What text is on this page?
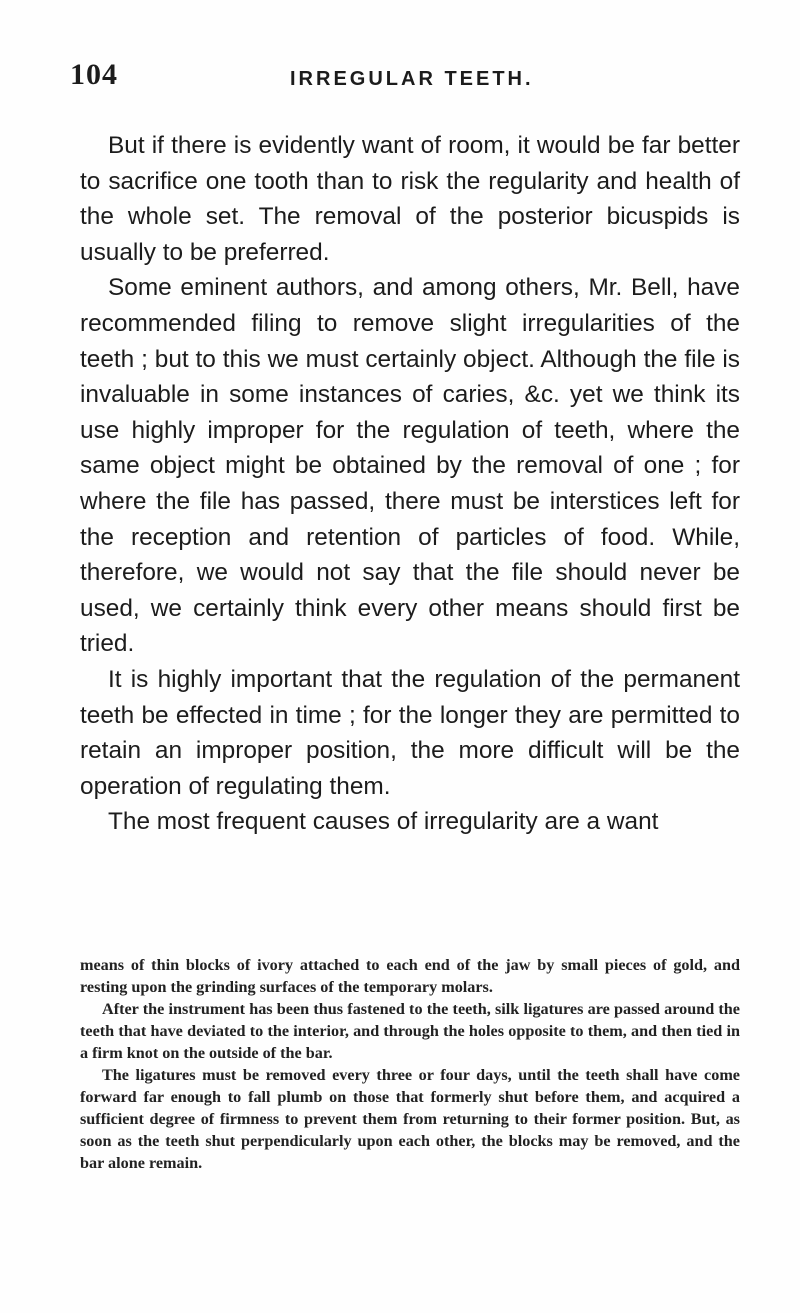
104	IRREGULAR TEETH.

But if there is evidently want of room, it would be far better to sacrifice one tooth than to risk the regularity and health of the whole set. The removal of the posterior bicuspids is usually to be preferred.

Some eminent authors, and among others, Mr. Bell, have recommended filing to remove slight irregularities of the teeth ; but to this we must certainly object. Although the file is invaluable in some instances of caries, &c. yet we think its use highly improper for the regulation of teeth, where the same object might be obtained by the removal of one ; for where the file has passed, there must be interstices left for the reception and retention of particles of food. While, therefore, we would not say that the file should never be used, we certainly think every other means should first be tried.

It is highly important that the regulation of the permanent teeth be effected in time ; for the longer they are permitted to retain an improper position, the more difficult will be the operation of regulating them.

The most frequent causes of irregularity are a want

means of thin blocks of ivory attached to each end of the jaw by small pieces of gold, and resting upon the grinding surfaces of the temporary molars.

After the instrument has been thus fastened to the teeth, silk ligatures are passed around the teeth that have deviated to the interior, and through the holes opposite to them, and then tied in a firm knot on the outside of the bar.

The ligatures must be removed every three or four days, until the teeth shall have come forward far enough to fall plumb on those that formerly shut before them, and acquired a sufficient degree of firmness to prevent them from returning to their former position. But, as soon as the teeth shut perpendicularly upon each other, the blocks may be removed, and the bar alone remain.
